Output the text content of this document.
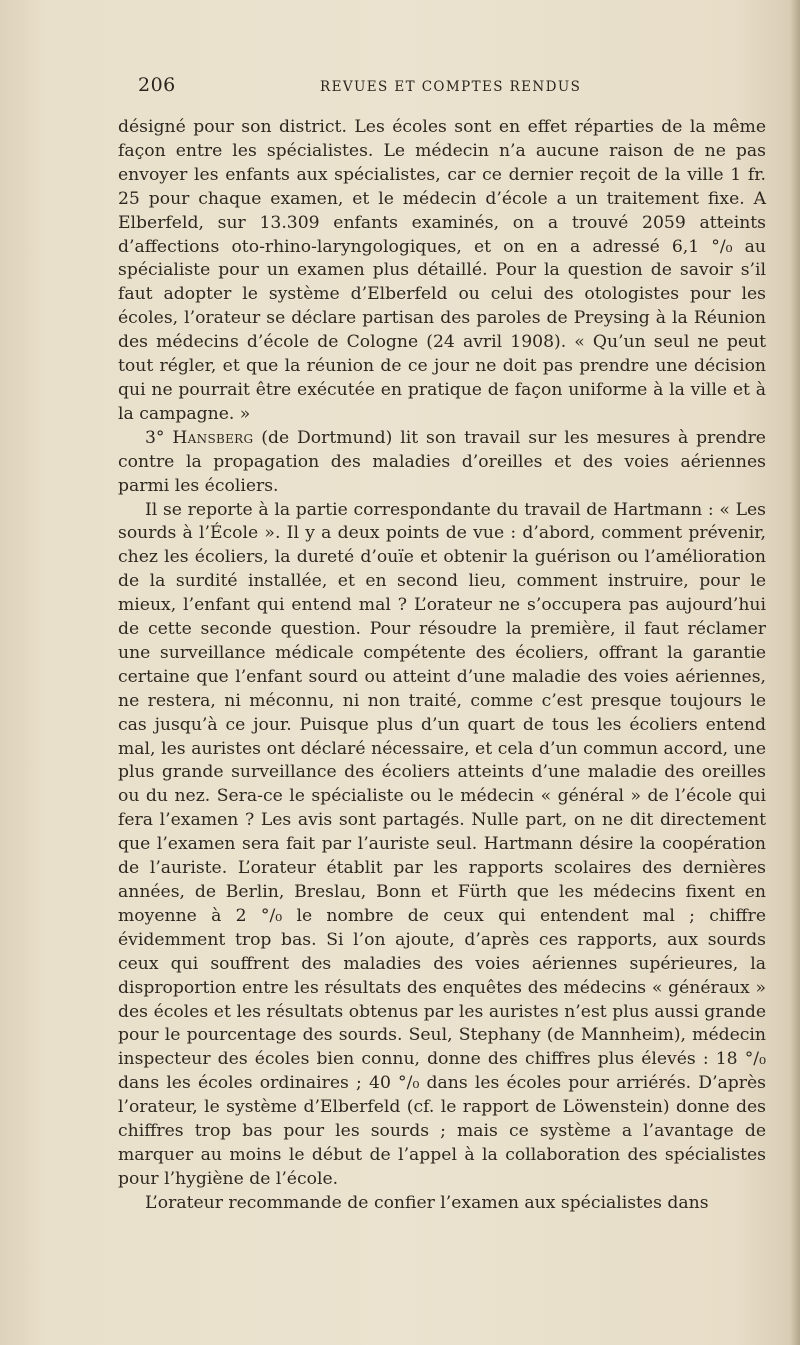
206	REVUES ET COMPTES RENDUS

désigné pour son district. Les écoles sont en effet réparties de la même façon entre les spécialistes. Le médecin n’a aucune raison de ne pas envoyer les enfants aux spécialistes, car ce dernier reçoit de la ville 1 fr. 25 pour chaque examen, et le médecin d’école a un traitement fixe. A Elberfeld, sur 13.309 enfants examinés, on a trouvé 2059 atteints d’affections oto-rhino-laryngologiques, et on en a adressé 6,1 °/₀ au spécialiste pour un examen plus détaillé. Pour la question de savoir s’il faut adopter le système d’Elberfeld ou celui des otologistes pour les écoles, l’orateur se déclare partisan des paroles de Preysing à la Réunion des médecins d’école de Cologne (24 avril 1908). « Qu’un seul ne peut tout régler, et que la réunion de ce jour ne doit pas prendre une décision qui ne pourrait être exécutée en pratique de façon uniforme à la ville et à la campagne. »

3° Hansberg (de Dortmund) lit son travail sur les mesures à prendre contre la propagation des maladies d’oreilles et des voies aériennes parmi les écoliers.

Il se reporte à la partie correspondante du travail de Hartmann : « Les sourds à l’École ». Il y a deux points de vue : d’abord, comment prévenir, chez les écoliers, la dureté d’ouïe et obtenir la guérison ou l’amélioration de la surdité installée, et en second lieu, comment instruire, pour le mieux, l’enfant qui entend mal ? L’orateur ne s’occupera pas aujourd’hui de cette seconde question. Pour résoudre la première, il faut réclamer une surveillance médicale compétente des écoliers, offrant la garantie certaine que l’enfant sourd ou atteint d’une maladie des voies aériennes, ne restera, ni méconnu, ni non traité, comme c’est presque toujours le cas jusqu’à ce jour. Puisque plus d’un quart de tous les écoliers entend mal, les auristes ont déclaré nécessaire, et cela d’un commun accord, une plus grande surveillance des écoliers atteints d’une maladie des oreilles ou du nez. Sera-ce le spécialiste ou le médecin « général » de l’école qui fera l’examen ? Les avis sont partagés. Nulle part, on ne dit directement que l’examen sera fait par l’auriste seul. Hartmann désire la coopération de l’auriste. L’orateur établit par les rapports scolaires des dernières années, de Berlin, Breslau, Bonn et Fürth que les médecins fixent en moyenne à 2 °/₀ le nombre de ceux qui entendent mal ; chiffre évidemment trop bas. Si l’on ajoute, d’après ces rapports, aux sourds ceux qui souffrent des maladies des voies aériennes supérieures, la disproportion entre les résultats des enquêtes des médecins « généraux » des écoles et les résultats obtenus par les auristes n’est plus aussi grande pour le pourcentage des sourds. Seul, Stephany (de Mannheim), médecin inspecteur des écoles bien connu, donne des chiffres plus élevés : 18 °/₀ dans les écoles ordinaires ; 40 °/₀ dans les écoles pour arriérés. D’après l’orateur, le système d’Elberfeld (cf. le rapport de Löwenstein) donne des chiffres trop bas pour les sourds ; mais ce système a l’avantage de marquer au moins le début de l’appel à la collaboration des spécialistes pour l’hygiène de l’école.

L’orateur recommande de confier l’examen aux spécialistes dans
